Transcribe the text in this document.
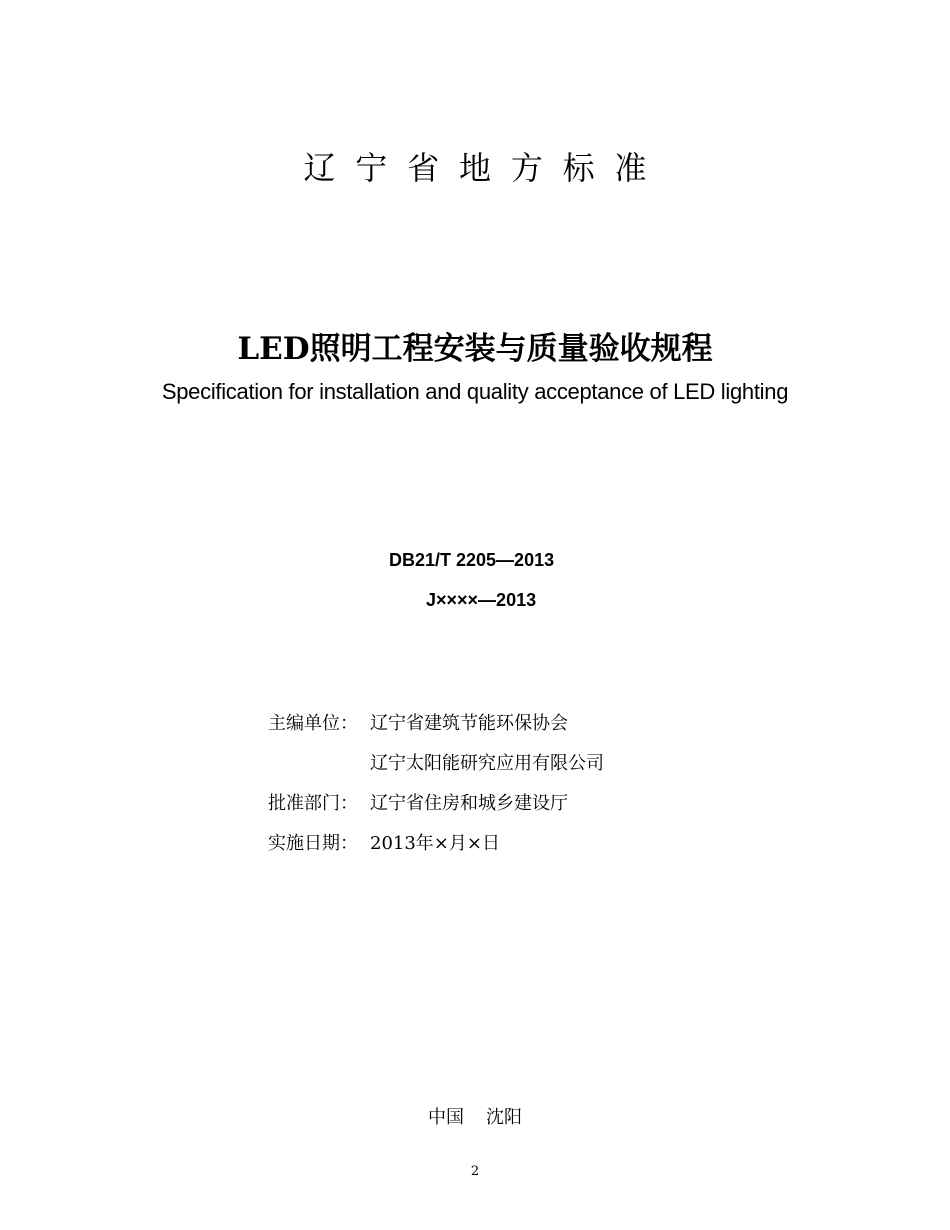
辽宁省地方标准
LED照明工程安装与质量验收规程
Specification for installation and quality acceptance of LED lighting
DB21/T 2205—2013
J××××—2013
主编单位： 辽宁省建筑节能环保协会
辽宁太阳能研究应用有限公司
批准部门： 辽宁省住房和城乡建设厅
实施日期： 2013年×月×日
中国 沈阳
2
